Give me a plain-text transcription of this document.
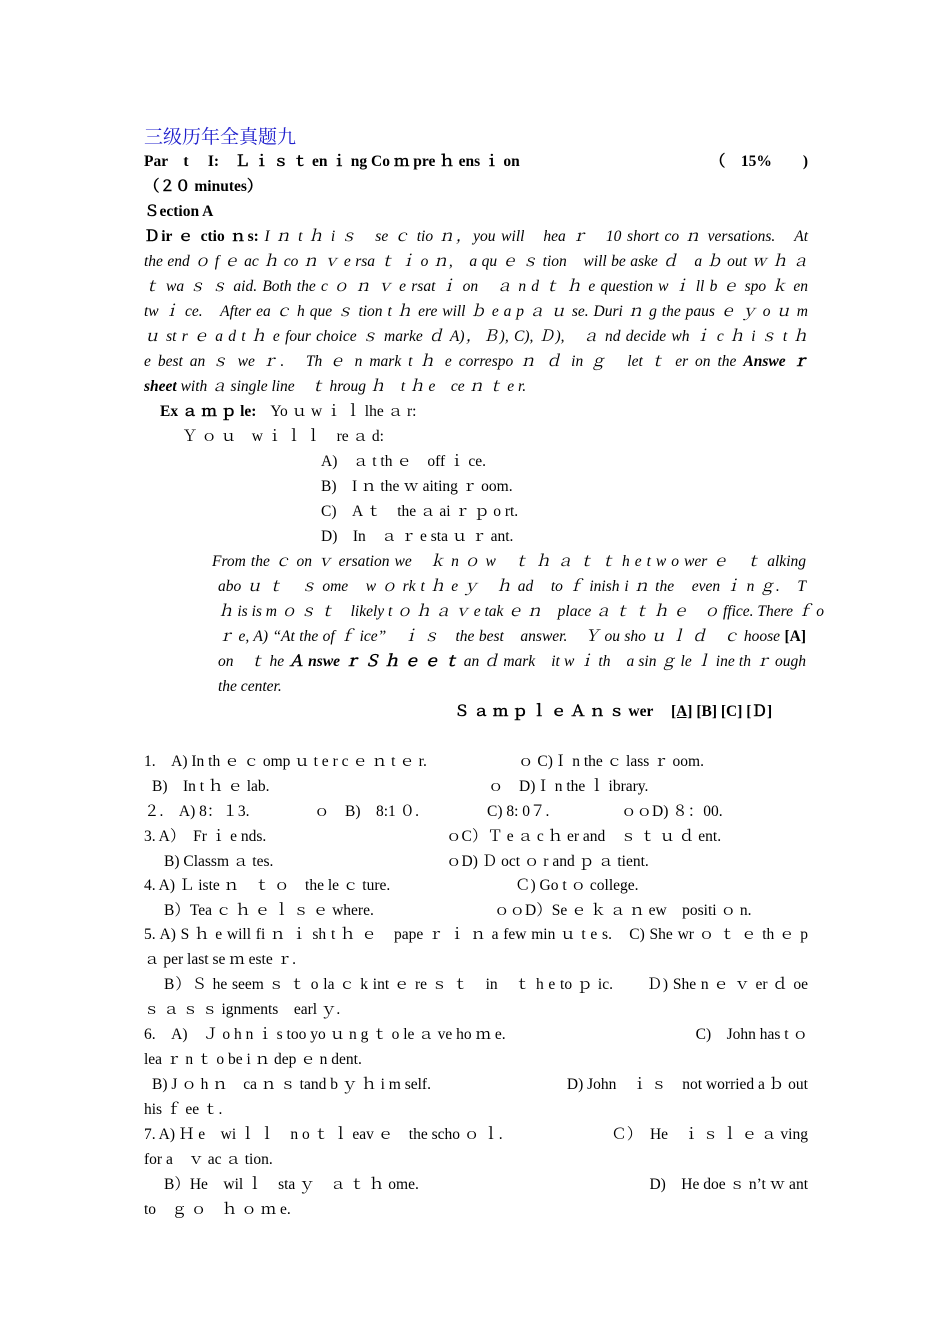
三级历年全真题九
Par　t　 I:　Ｌ ｉ ｓ ｔ en ｉ ng Co ｍ pre ｈ ens ｉ on	（　15%　　)
（２０ minutes）
Ｓection A
Ｄir ｅ ctio ｎs: I ｎ t ｈ i ｓ　se ｃ tio ｎ，you will　hea ｒ　10 short co ｎ versations.　At
the end ｏ f ｅ ac ｈ co ｎ ｖ e rsa ｔ ｉ o ｎ,　a qu ｅ ｓ tion　will be aske ｄ　a ｂ out ｗ ｈ ａ
ｔ wa ｓ ｓ aid. Both the c ｏ ｎ ｖ e rsat ｉ on　ａ n d ｔ ｈ e question w ｉ ll b ｅ spo ｋ en
tw ｉ ce.　After ea ｃ h que ｓ tion t ｈ ere will ｂ e a p ａ ｕ se. Duri ｎ g the paus ｅ ｙ o ｕ m
ｕ st r ｅ a d t ｈ e four choice ｓ marke ｄ A)，Ｂ), C), Ｄ),　ａ nd decide wh ｉ c ｈ i ｓ t ｈ
e best an ｓ we ｒ.　Th ｅ n mark t ｈ e correspo ｎ ｄ in ｇ　let ｔ er on the Answe ｒ
sheet with ａ single line　ｔ hroug ｈ　t ｈ e　ce ｎ ｔ e r.
Ex ａ ｍ ｐ le: Yo ｕ w ｉ ｌ lhe ａ r:
Ｙ ｏ ｕ　w ｉ ｌ ｌ　re ａ d:
A)　ａ t th ｅ　off ｉ ce.
B)　I ｎ the ｗ aiting ｒ oom.
C)　A ｔ　the ａ ai ｒ ｐ o rt.
D)　In　ａ ｒ e sta ｕ ｒ ant.
From the ｃ on ｖ ersation we　ｋ n ｏ w　ｔ ｈ ａ ｔ ｔ h e t w o wer ｅ　ｔ alking
abo ｕ ｔ　ｓ ome　w ｏ rk t ｈ e ｙ　ｈ ad　to ｆ inish i ｎ the　even ｉ n ｇ.　T
ｈ is is m ｏ ｓ ｔ　likely t ｏ ｈ ａ ｖ e tak ｅ ｎ　place ａ ｔ ｔ ｈ ｅ　ｏ ffice. There ｆ o
ｒ e, A) “At the of ｆ ice”　ｉ ｓ　the best　answer.　Ｙ ou sho ｕ ｌ ｄ　ｃ hoose [A]
on　ｔ he Ａ nswe ｒ Ｓ ｈ ｅ ｅ ｔ an ｄ mark　it w ｉ th　a sin ｇ le ｌ ine th ｒ ough
the center.
Ｓ ａ ｍ ｐ ｌ ｅ Ａ ｎ ｓ wer [A] [B] [C] [Ｄ]
1.　A) In th ｅ ｃ omp ｕ t e r c ｅ ｎ t ｅ r.	ｏ C)Ｉ n the ｃ lass ｒ oom.
B)　In t ｈ ｅ lab.	ｏ　D)Ｉ n the ｌ ibrary.
２.　A) 8：１3.	ｏ　B)　8:1 ０.	C) 8: 0７.	ｏｏD) ８：00.
3. A）　Fr ｉ e nds.	ｏC）Ｔ e ａ c ｈ er and　ｓ ｔ ｕ ｄ ent.
B) Classm ａ tes.	ｏD) Ｄ oct ｏ r and ｐ ａ tient.
4. A) Ｌ iste ｎ　ｔ ｏ　the le ｃ ture.	Ｃ) Go t ｏ college.
B）Tea ｃ ｈ ｅ ｌ ｓ ｅ where.	ｏｏD）Se ｅ ｋ ａ ｎ ew　positi ｏ n.
5. A) S ｈ e will fi ｎ ｉ sh t ｈ ｅ　pape ｒ ｉ ｎ a few min ｕ t e s.　C) She wr ｏ ｔ ｅ th ｅ p
ａ per last se ｍ este ｒ.
B）Ｓ he seem ｓ ｔ o la ｃ k int ｅ re ｓ ｔ　in　ｔ h e to ｐ ic.　　Ｄ) She n ｅ ｖ er ｄ oe
ｓ ａ ｓ ｓ ignments　earl ｙ.
6.　A)　Ｊ o h n ｉ s too yo ｕ n g ｔ o le ａ ve ho ｍ e.	C)　John has t ｏ
lea ｒ n ｔ o be i ｎ dep ｅ n dent.
B) J ｏ h ｎ　ca ｎ ｓ tand b ｙ ｈ i m self.	D) John　ｉ ｓ　not worried a ｂ out
his ｆ ee ｔ.
7. A) Ｈ e　wi ｌ ｌ　n o ｔ ｌ eav ｅ　the scho ｏ ｌ.	Ｃ）　He　ｉ ｓ ｌ ｅ ａ ving
for a　ｖ ac ａ tion.
B）He　wil ｌ　sta ｙ　ａ ｔ ｈ ome.	D)　He doe ｓ n’t ｗ ant
to　ｇ ｏ　ｈ ｏ ｍ e.
